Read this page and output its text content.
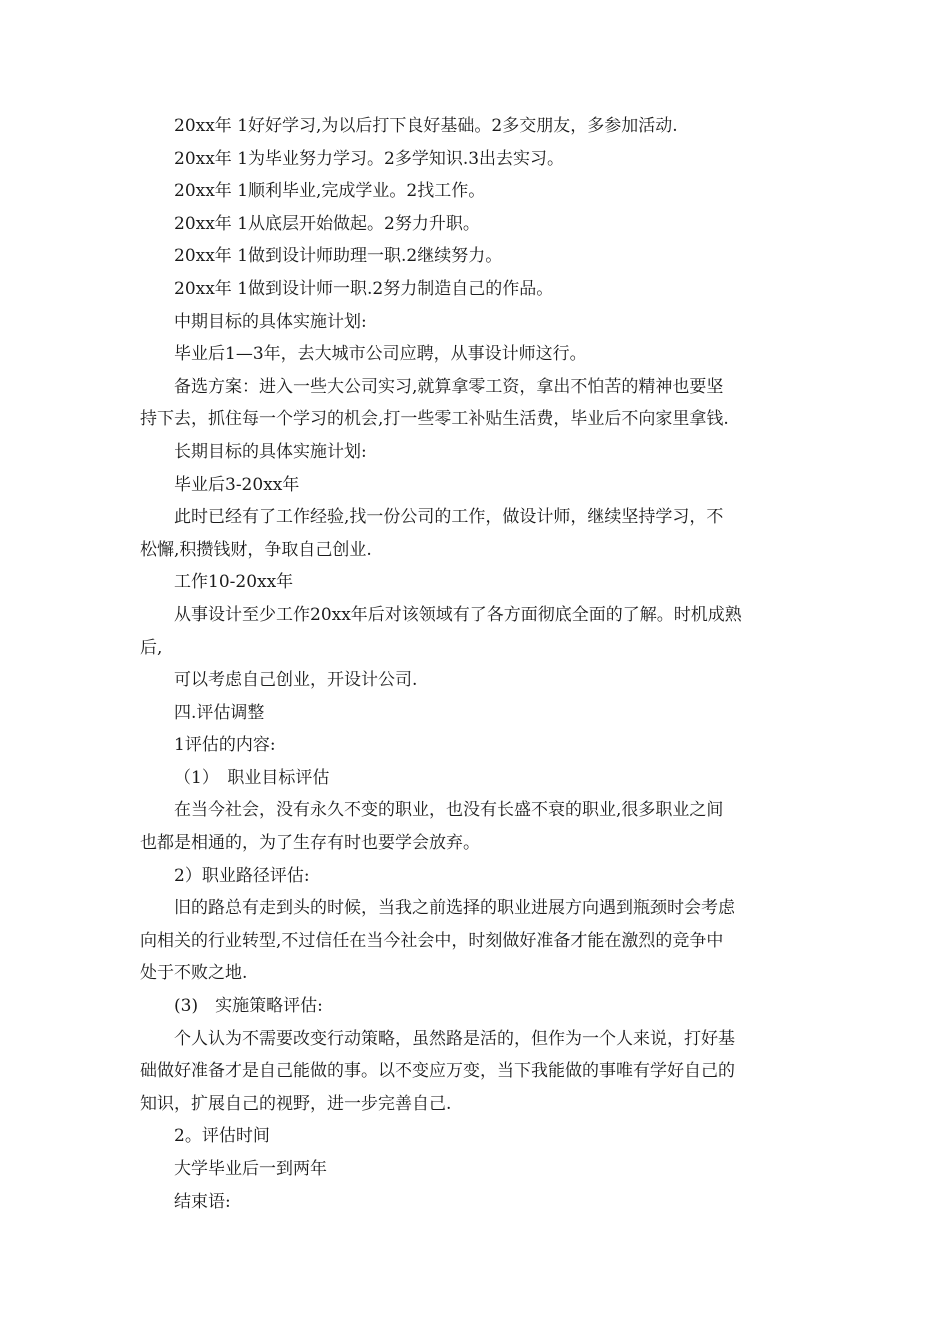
20xx年 1好好学习,为以后打下良好基础。2多交朋友，多参加活动.
20xx年 1为毕业努力学习。2多学知识.3出去实习。
20xx年 1顺利毕业,完成学业。2找工作。
20xx年 1从底层开始做起。2努力升职。
20xx年 1做到设计师助理一职.2继续努力。
20xx年 1做到设计师一职.2努力制造自己的作品。
中期目标的具体实施计划:
毕业后1—3年，去大城市公司应聘，从事设计师这行。
备选方案：进入一些大公司实习,就算拿零工资，拿出不怕苦的精神也要坚
持下去，抓住每一个学习的机会,打一些零工补贴生活费，毕业后不向家里拿钱.
长期目标的具体实施计划:
毕业后3-20xx年
此时已经有了工作经验,找一份公司的工作，做设计师，继续坚持学习，不
松懈,积攒钱财，争取自己创业.
工作10-20xx年
从事设计至少工作20xx年后对该领域有了各方面彻底全面的了解。时机成熟
后,
可以考虑自己创业，开设计公司.
四.评估调整
1评估的内容:
（1）　职业目标评估
在当今社会，没有永久不变的职业，也没有长盛不衰的职业,很多职业之间
也都是相通的，为了生存有时也要学会放弃。
2）职业路径评估:
旧的路总有走到头的时候，当我之前选择的职业进展方向遇到瓶颈时会考虑
向相关的行业转型,不过信任在当今社会中，时刻做好准备才能在激烈的竞争中
处于不败之地.
(3)　实施策略评估:
个人认为不需要改变行动策略，虽然路是活的，但作为一个人来说，打好基
础做好准备才是自己能做的事。以不变应万变，当下我能做的事唯有学好自己的
知识，扩展自己的视野，进一步完善自己.
2。评估时间
大学毕业后一到两年
结束语:
